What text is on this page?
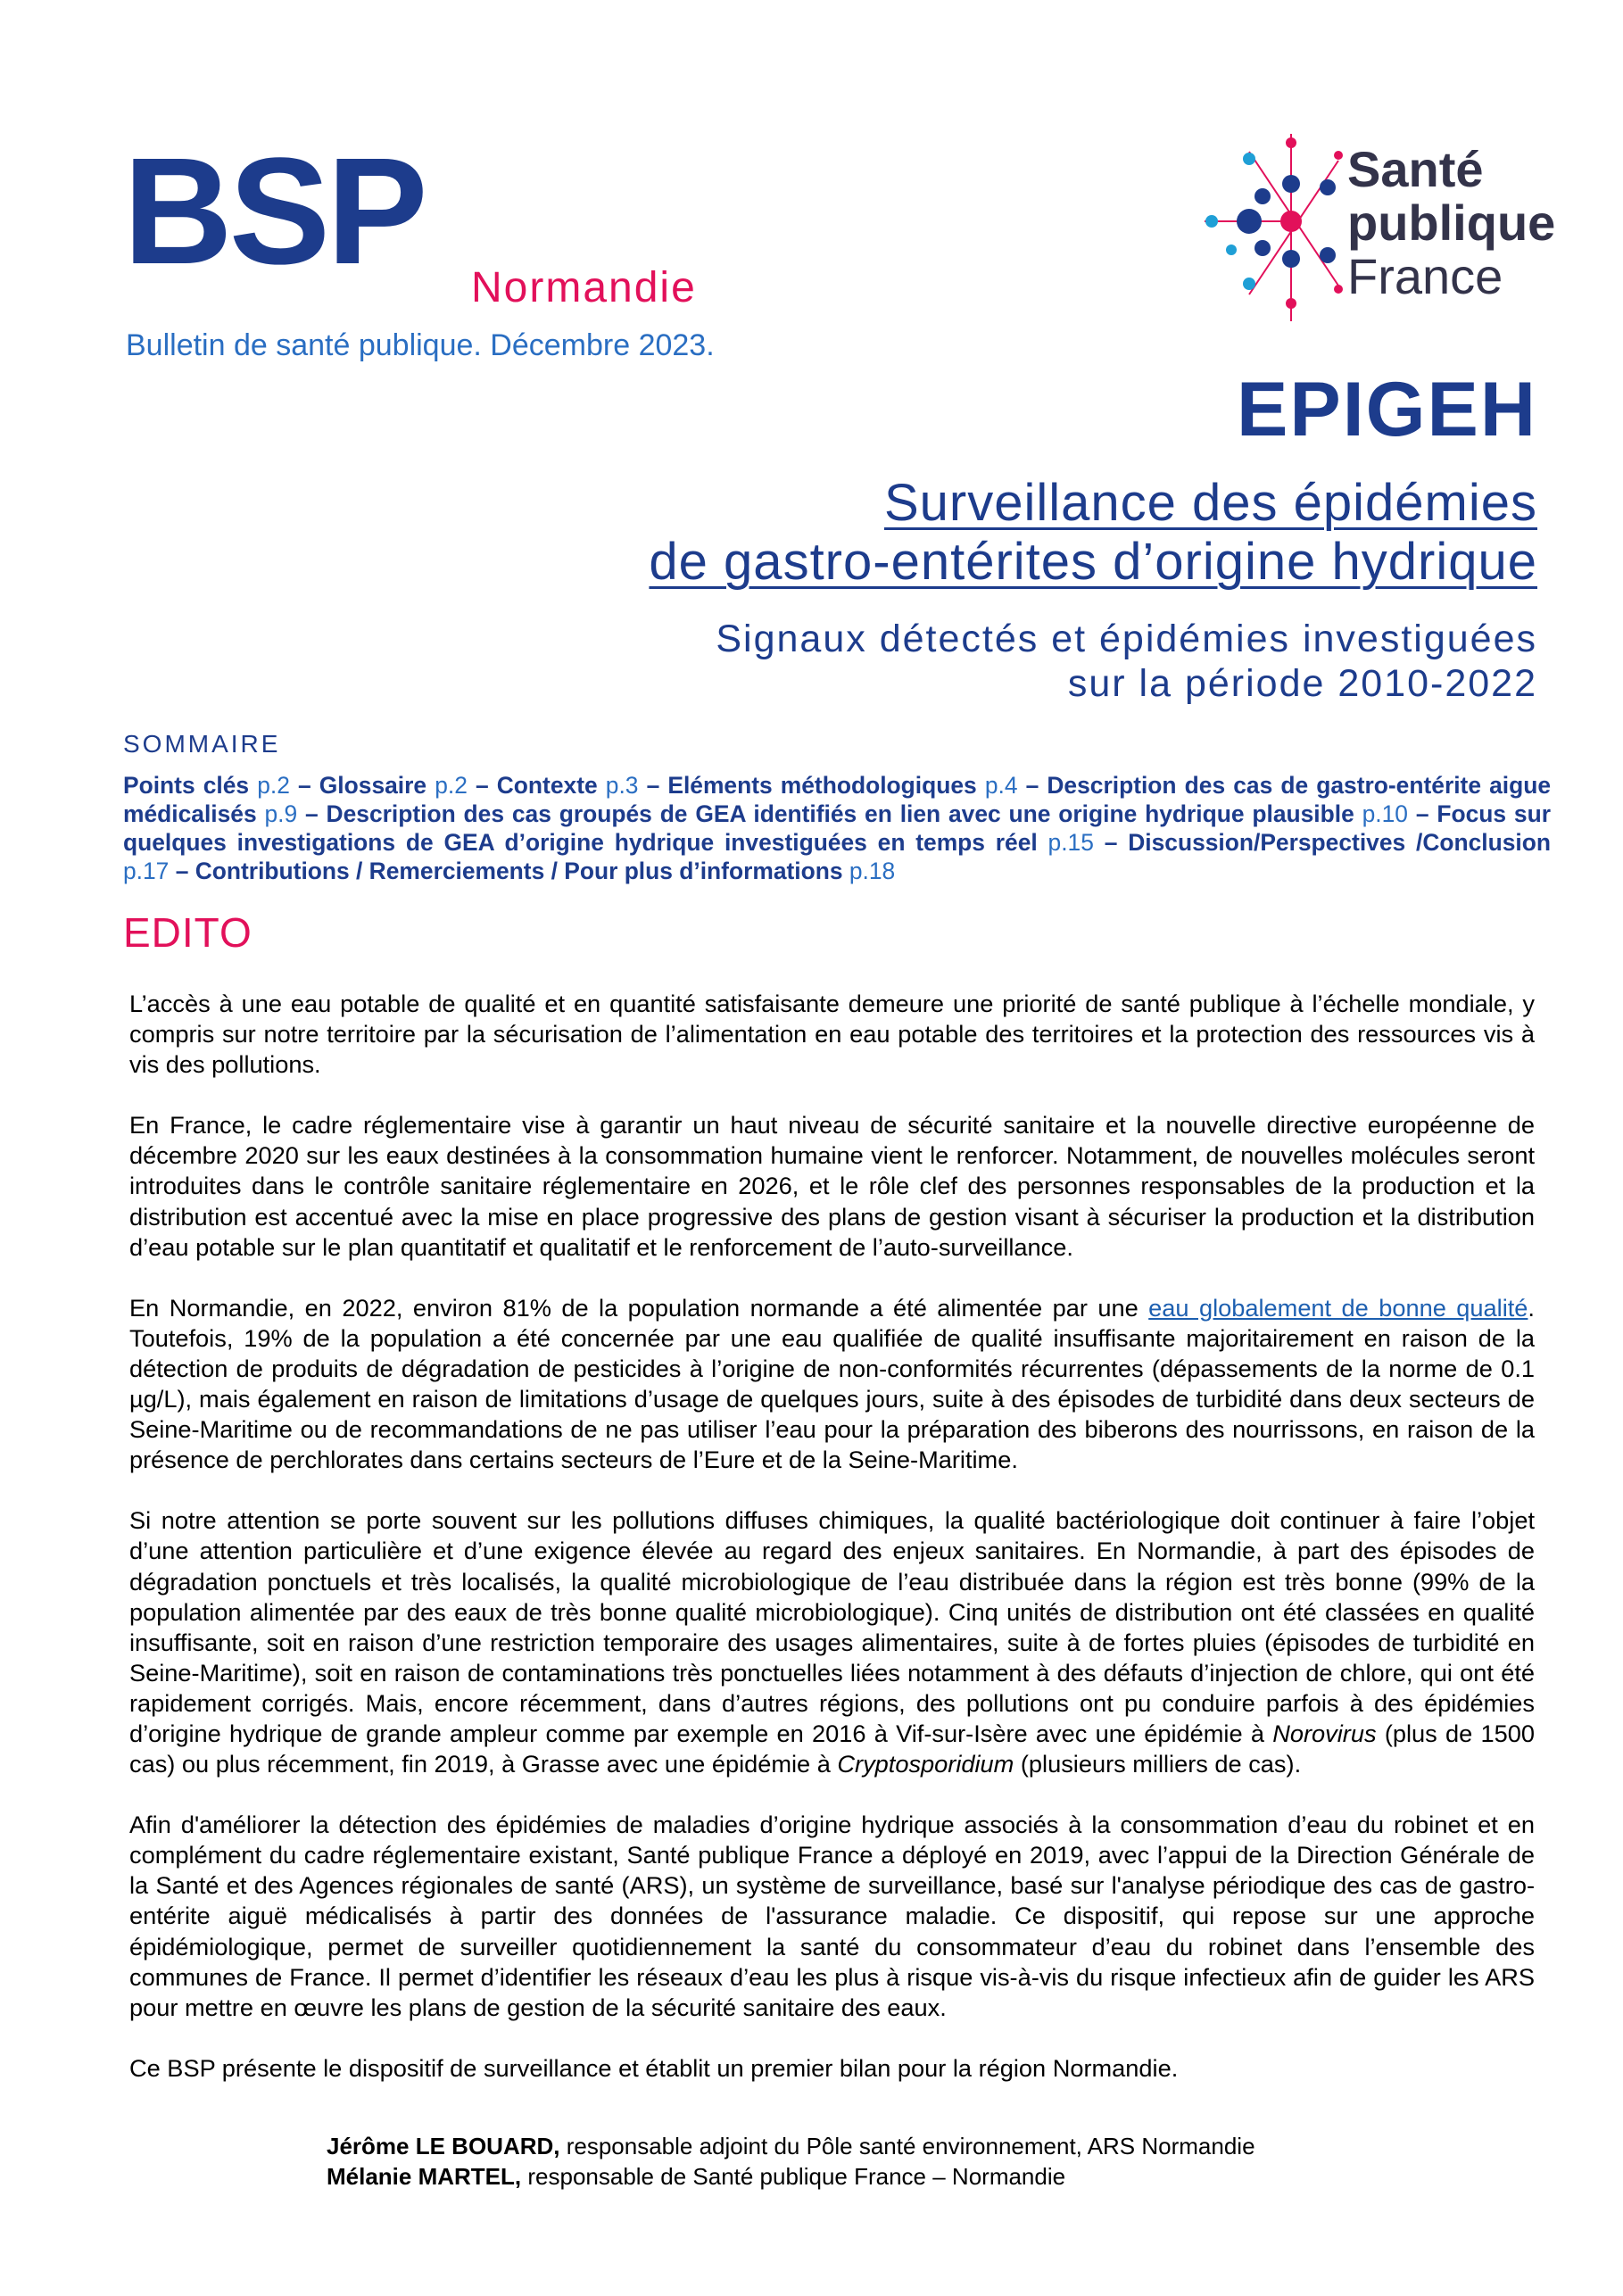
BSP Normandie
Bulletin de santé publique. Décembre 2023.
Santé
publique
France
EPIGEH
Surveillance des épidémies
de gastro-entérites d’origine hydrique
Signaux détectés et épidémies investiguées
sur la période 2010-2022
SOMMAIRE
Points clés p.2 – Glossaire p.2 – Contexte p.3 – Eléments méthodologiques p.4 – Description des cas de gastro-entérite aigue médicalisés p.9 – Description des cas groupés de GEA identifiés en lien avec une origine hydrique plausible p.10 – Focus sur quelques investigations de GEA d’origine hydrique investiguées en temps réel p.15 – Discussion/Perspectives /Conclusion p.17 – Contributions / Remerciements / Pour plus d’informations p.18
EDITO

L’accès à une eau potable de qualité et en quantité satisfaisante demeure une priorité de santé publique à l’échelle mondiale, y compris sur notre territoire par la sécurisation de l’alimentation en eau potable des territoires et la protection des ressources vis à vis des pollutions.

En France, le cadre réglementaire vise à garantir un haut niveau de sécurité sanitaire et la nouvelle directive européenne de décembre 2020 sur les eaux destinées à la consommation humaine vient le renforcer. Notamment, de nouvelles molécules seront introduites dans le contrôle sanitaire réglementaire en 2026, et le rôle clef des personnes responsables de la production et la distribution est accentué avec la mise en place progressive des plans de gestion visant à sécuriser la production et la distribution d’eau potable sur le plan quantitatif et qualitatif et le renforcement de l’auto-surveillance.

En Normandie, en 2022, environ 81% de la population normande a été alimentée par une eau globalement de bonne qualité. Toutefois, 19% de la population a été concernée par une eau qualifiée de qualité insuffisante majoritairement en raison de la détection de produits de dégradation de pesticides à l’origine de non-conformités récurrentes (dépassements de la norme de 0.1 µg/L), mais également en raison de limitations d’usage de quelques jours, suite à des épisodes de turbidité dans deux secteurs de Seine-Maritime ou de recommandations de ne pas utiliser l’eau pour la préparation des biberons des nourrissons, en raison de la présence de perchlorates dans certains secteurs de l’Eure et de la Seine-Maritime.

Si notre attention se porte souvent sur les pollutions diffuses chimiques, la qualité bactériologique doit continuer à faire l’objet d’une attention particulière et d’une exigence élevée au regard des enjeux sanitaires. En Normandie, à part des épisodes de dégradation ponctuels et très localisés, la qualité microbiologique de l’eau distribuée dans la région est très bonne (99% de la population alimentée par des eaux de très bonne qualité microbiologique). Cinq unités de distribution ont été classées en qualité insuffisante, soit en raison d’une restriction temporaire des usages alimentaires, suite à de fortes pluies (épisodes de turbidité en Seine-Maritime), soit en raison de contaminations très ponctuelles liées notamment à des défauts d’injection de chlore, qui ont été rapidement corrigés. Mais, encore récemment, dans d’autres régions, des pollutions ont pu conduire parfois à des épidémies d’origine hydrique de grande ampleur comme par exemple en 2016 à Vif-sur-Isère avec une épidémie à Norovirus (plus de 1500 cas) ou plus récemment, fin 2019, à Grasse avec une épidémie à Cryptosporidium (plusieurs milliers de cas).

Afin d'améliorer la détection des épidémies de maladies d’origine hydrique associés à la consommation d’eau du robinet et en complément du cadre réglementaire existant, Santé publique France a déployé en 2019, avec l’appui de la Direction Générale de la Santé et des Agences régionales de santé (ARS), un système de surveillance, basé sur l'analyse périodique des cas de gastro-entérite aiguë médicalisés à partir des données de l'assurance maladie. Ce dispositif, qui repose sur une approche épidémiologique, permet de surveiller quotidiennement la santé du consommateur d’eau du robinet dans l’ensemble des communes de France. Il permet d’identifier les réseaux d’eau les plus à risque vis-à-vis du risque infectieux afin de guider les ARS pour mettre en œuvre les plans de gestion de la sécurité sanitaire des eaux.

Ce BSP présente le dispositif de surveillance et établit un premier bilan pour la région Normandie.

Jérôme LE BOUARD, responsable adjoint du Pôle santé environnement, ARS Normandie
Mélanie MARTEL, responsable de Santé publique France – Normandie
